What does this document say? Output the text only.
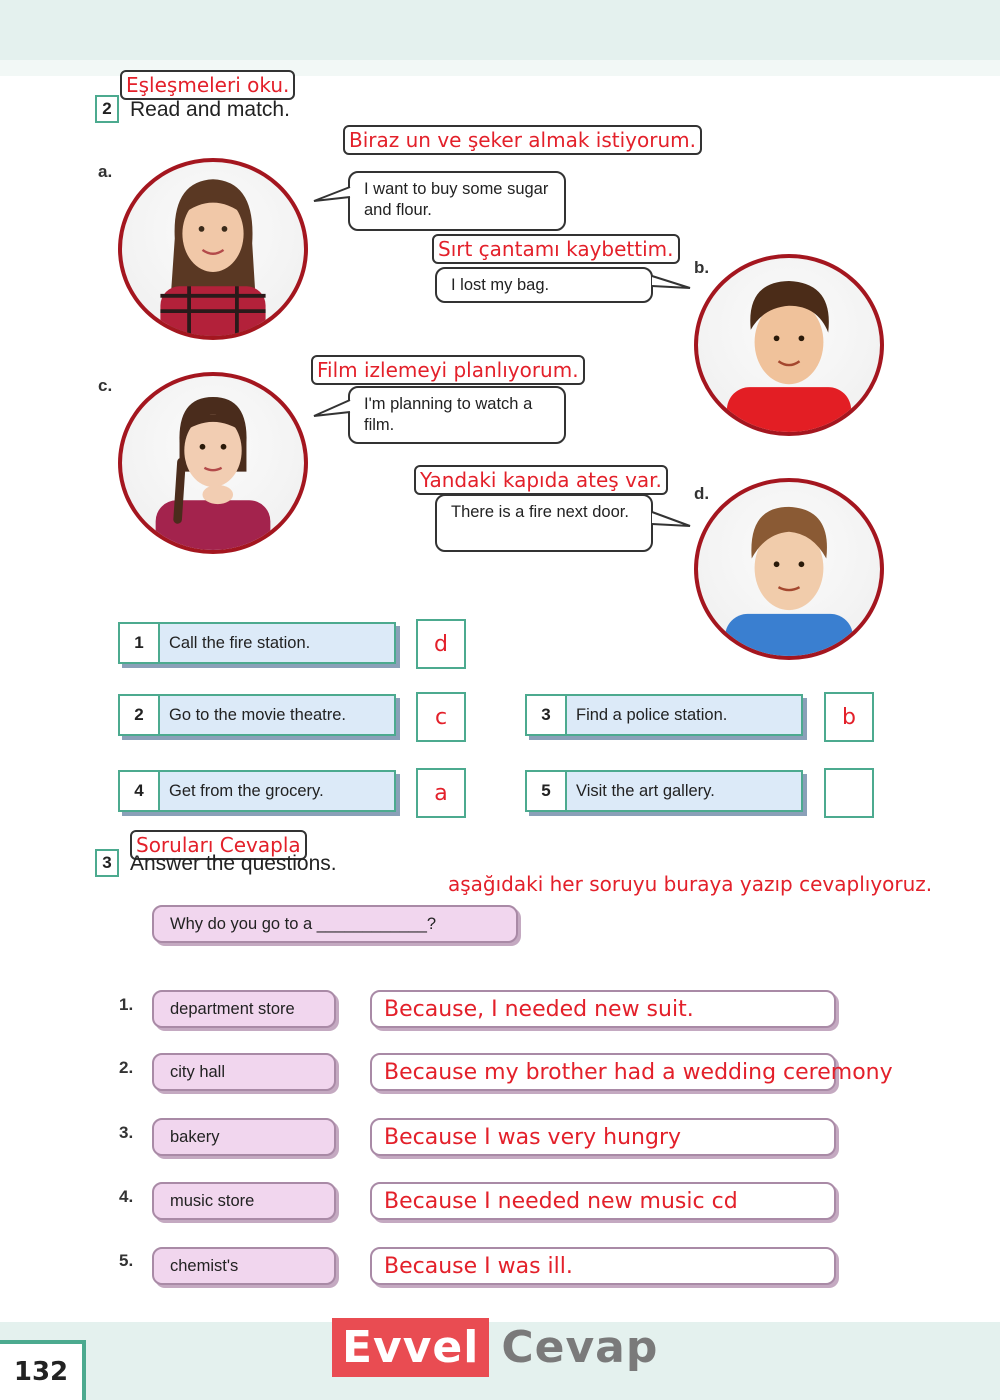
Eşleşmeleri oku.
2 Read and match.
Biraz un ve şeker almak istiyorum.
a.
I want to buy some sugar and flour.
Sırt çantamı kaybettim.
I lost my bag.
b.
Film izlemeyi planlıyorum.
c.
I'm planning to watch a film.
Yandaki kapıda ateş var.
There is a fire next door.
d.
1	Call the fire station.	d
2	Go to the movie theatre.	c	3	Find a police station.	b
4	Get from the grocery.	a	5	Visit the art gallery.
Soruları Cevapla
3 Answer the questions.
aşağıdaki her soruyu buraya yazıp cevaplıyoruz.
Why do you go to a ____________?
1.	department store	Because, I needed new suit.
2.	city hall	Because my brother had a wedding ceremony
3.	bakery	Because I was very hungry
4.	music store	Because I needed new music cd
5.	chemist's	Because I was ill.
132	Evvel Cevap
